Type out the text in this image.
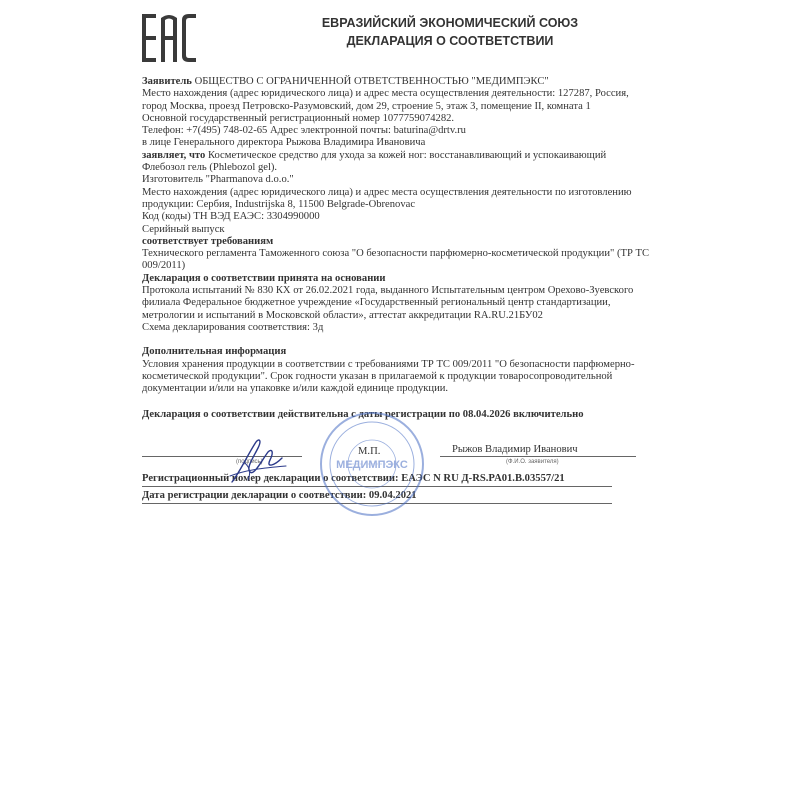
ЕВРАЗИЙСКИЙ ЭКОНОМИЧЕСКИЙ СОЮЗ
ДЕКЛАРАЦИЯ О СООТВЕТСТВИИ

Заявитель ОБЩЕСТВО С ОГРАНИЧЕННОЙ ОТВЕТСТВЕННОСТЬЮ "МЕДИМПЭКС"

Место нахождения (адрес юридического лица) и адрес места осуществления деятельности: 127287, Россия,

город Москва, проезд Петровско-Разумовский, дом 29, строение 5, этаж 3, помещение II, комната 1

Основной государственный регистрационный номер 1077759074282.

Телефон: +7(495) 748-02-65 Адрес электронной почты: baturina@drtv.ru

в лице Генерального директора Рыжова Владимира Ивановича

заявляет, что Косметическое средство для ухода за кожей ног: восстанавливающий и успокаивающий

Флебозол гель (Phlebozol gel).

Изготовитель "Pharmanova d.o.o."

Место нахождения (адрес юридического лица) и адрес места осуществления деятельности по изготовлению

продукции: Сербия, Industrijska 8, 11500 Belgrade-Obrenovac

Код (коды) ТН ВЭД ЕАЭС: 3304990000

Серийный выпуск

соответствует требованиям

Технического регламента Таможенного союза "О безопасности парфюмерно-косметической продукции" (ТР ТС

009/2011)

Декларация о соответствии принята на основании

Протокола испытаний № 830 КХ от 26.02.2021 года, выданного Испытательным центром Орехово-Зуевского

филиала Федеральное бюджетное учреждение «Государственный региональный центр стандартизации,

метрологии и испытаний в Московской области», аттестат аккредитации RA.RU.21БУ02

Схема декларирования соответствия: 3д

Дополнительная информация

Условия хранения продукции в соответствии с требованиями ТР ТС 009/2011 "О безопасности парфюмерно-

косметической продукции". Срок годности указан в прилагаемой к продукции товаросопроводительной

документации и/или на упаковке и/или каждой единице продукции.

Декларация о соответствии действительна с даты регистрации по 08.04.2026 включительно

(подпись)
М.П.	Рыжов Владимир Иванович
(Ф.И.О. заявителя)
Регистрационный номер декларации о соответствии: ЕАЭС N RU Д-RS.PA01.B.03557/21
Дата регистрации декларации о соответствии: 09.04.2021
МЕДИМПЭКС
